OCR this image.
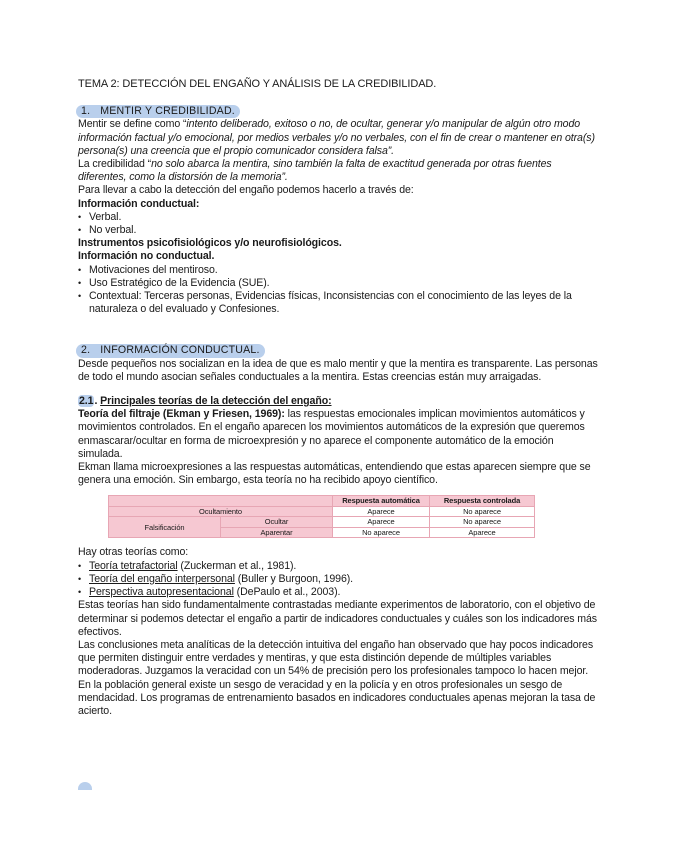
TEMA 2: DETECCIÓN DEL ENGAÑO Y ANÁLISIS DE LA CREDIBILIDAD.
1. MENTIR Y CREDIBILIDAD.

Mentir se define como “intento deliberado, exitoso o no, de ocultar, generar y/o manipular de algún otro modo información factual y/o emocional, por medios verbales y/o no verbales, con el fin de crear o mantener en otra(s) persona(s) una creencia que el propio comunicador considera falsa”.

La credibilidad “no solo abarca la mentira, sino también la falta de exactitud generada por otras fuentes diferentes, como la distorsión de la memoria”.

Para llevar a cabo la detección del engaño podemos hacerlo a través de:

Información conductual:

• Verbal.
• No verbal.

Instrumentos psicofisiológicos y/o neurofisiológicos.

Información no conductual.

• Motivaciones del mentiroso.
• Uso Estratégico de la Evidencia (SUE).
• Contextual: Terceras personas, Evidencias físicas, Inconsistencias con el conocimiento de las leyes de la naturaleza o del evaluado y Confesiones.
2. INFORMACIÓN CONDUCTUAL.

Desde pequeños nos socializan en la idea de que es malo mentir y que la mentira es transparente. Las personas de todo el mundo asocian señales conductuales a la mentira. Estas creencias están muy arraigadas.

2.1. Principales teorías de la detección del engaño:

Teoría del filtraje (Ekman y Friesen, 1969): las respuestas emocionales implican movimientos automáticos y movimientos controlados. En el engaño aparecen los movimientos automáticos de la expresión que queremos enmascarar/ocultar en forma de microexpresión y no aparece el componente automático de la emoción simulada.

Ekman llama microexpresiones a las respuestas automáticas, entendiendo que estas aparecen siempre que se genera una emoción. Sin embargo, esta teoría no ha recibido apoyo científico.

		Respuesta automática	Respuesta controlada
Ocultamiento		Aparece	No aparece
Falsificación	Ocultar	Aparece	No aparece
	Aparentar	No aparece	Aparece

Hay otras teorías como:

• Teoría tetrafactorial (Zuckerman et al., 1981).
• Teoría del engaño interpersonal (Buller y Burgoon, 1996).
• Perspectiva autopresentacional (DePaulo et al., 2003).

Estas teorías han sido fundamentalmente contrastadas mediante experimentos de laboratorio, con el objetivo de determinar si podemos detectar el engaño a partir de indicadores conductuales y cuáles son los indicadores más efectivos.

Las conclusiones meta analíticas de la detección intuitiva del engaño han observado que hay pocos indicadores que permiten distinguir entre verdades y mentiras, y que esta distinción depende de múltiples variables moderadoras. Juzgamos la veracidad con un 54% de precisión pero los profesionales tampoco lo hacen mejor. En la población general existe un sesgo de veracidad y en la policía y en otros profesionales un sesgo de mendacidad. Los programas de entrenamiento basados en indicadores conductuales apenas mejoran la tasa de acierto.
